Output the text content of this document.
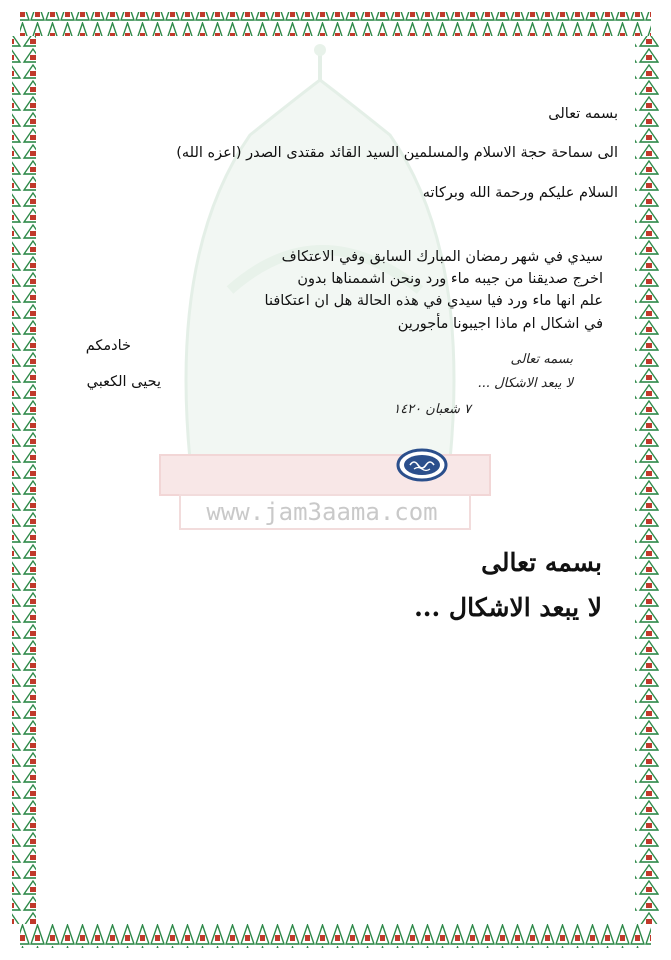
www.jam3aama.com
بسمه تعالى
الى سماحة حجة الاسلام والمسلمين السيد القائد مقتدى الصدر (اعزه الله)
السلام عليكم ورحمة الله وبركاته
سيدي في شهر رمضان المبارك السابق وفي الاعتكاف
اخرج صديقنا من جيبه ماء ورد ونحن اشممناها بدون
علم انها ماء ورد فيا سيدي في هذه الحالة هل ان اعتكافنا
في اشكال ام ماذا اجيبونا مأجورين
خادمكم
يحيى الكعبي
بسمه تعالى
لا يبعد الاشكال ...
٧ شعبان ١٤٢٠
بسمه تعالى
لا يبعد الاشكال ...
